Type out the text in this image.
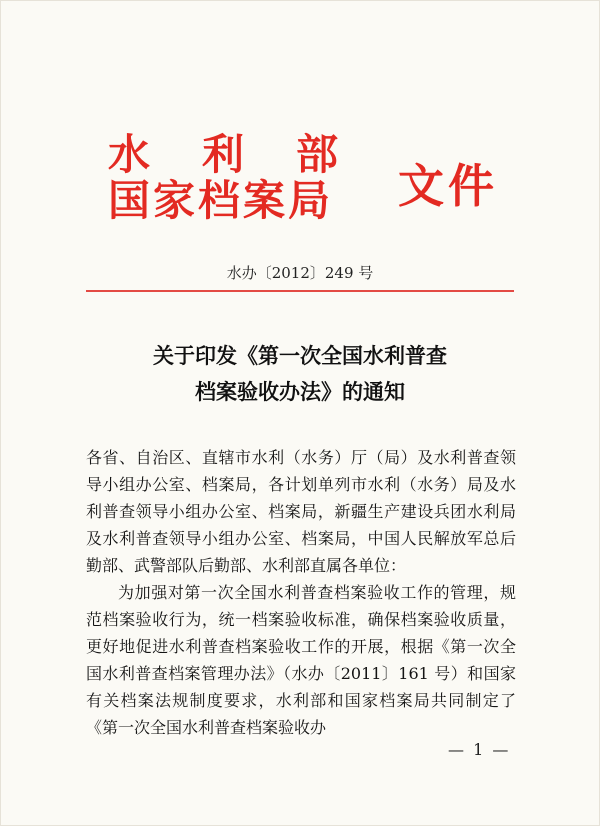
水利部
国家档案局	文件
水办〔2012〕249 号
关于印发《第一次全国水利普查
档案验收办法》的通知

各省、自治区、直辖市水利（水务）厅（局）及水利普查领导小组办公室、档案局，各计划单列市水利（水务）局及水利普查领导小组办公室、档案局，新疆生产建设兵团水利局及水利普查领导小组办公室、档案局，中国人民解放军总后勤部、武警部队后勤部、水利部直属各单位：

为加强对第一次全国水利普查档案验收工作的管理，规范档案验收行为，统一档案验收标准，确保档案验收质量，更好地促进水利普查档案验收工作的开展，根据《第一次全国水利普查档案管理办法》（水办〔2011〕161 号）和国家有关档案法规制度要求，水利部和国家档案局共同制定了《第一次全国水利普查档案验收办

— 1 —
